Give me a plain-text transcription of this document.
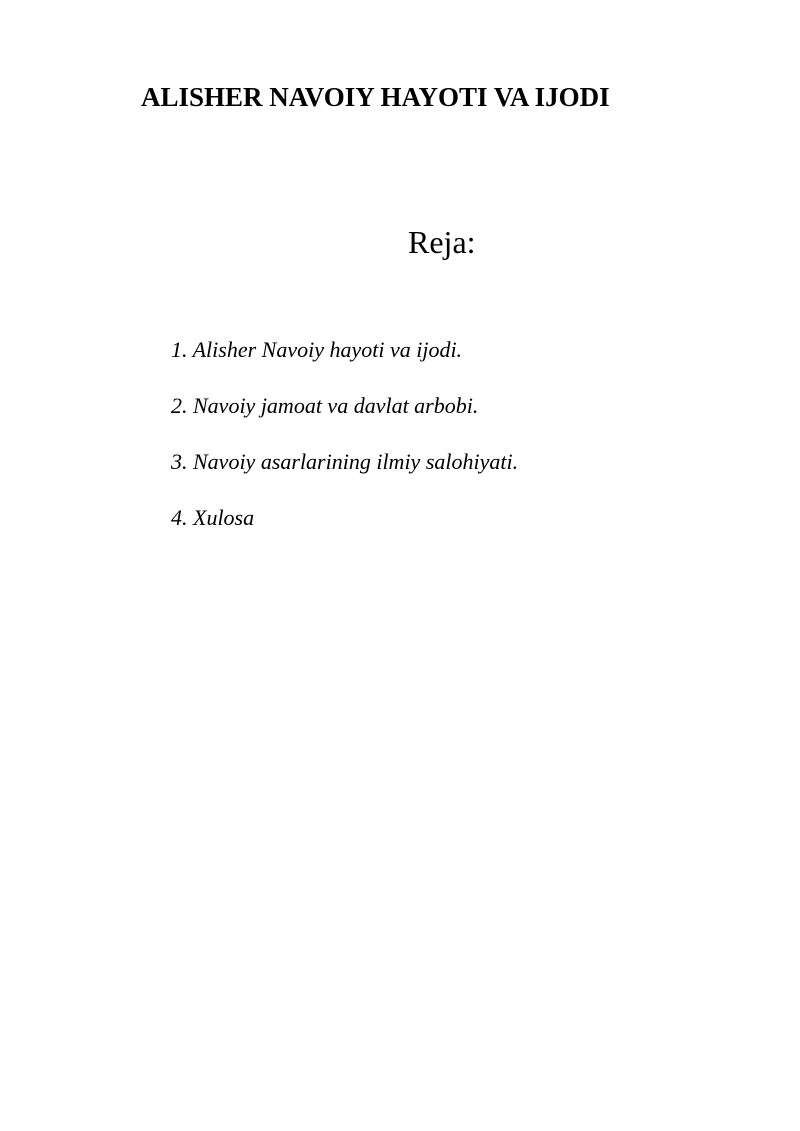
ALISHER NAVOIY HAYOTI VA IJODI
Reja:
1. Alisher Navoiy hayoti va ijodi.
2. Navoiy jamoat va davlat arbobi.
3. Navoiy asarlarining ilmiy salohiyati.
4. Xulosa
